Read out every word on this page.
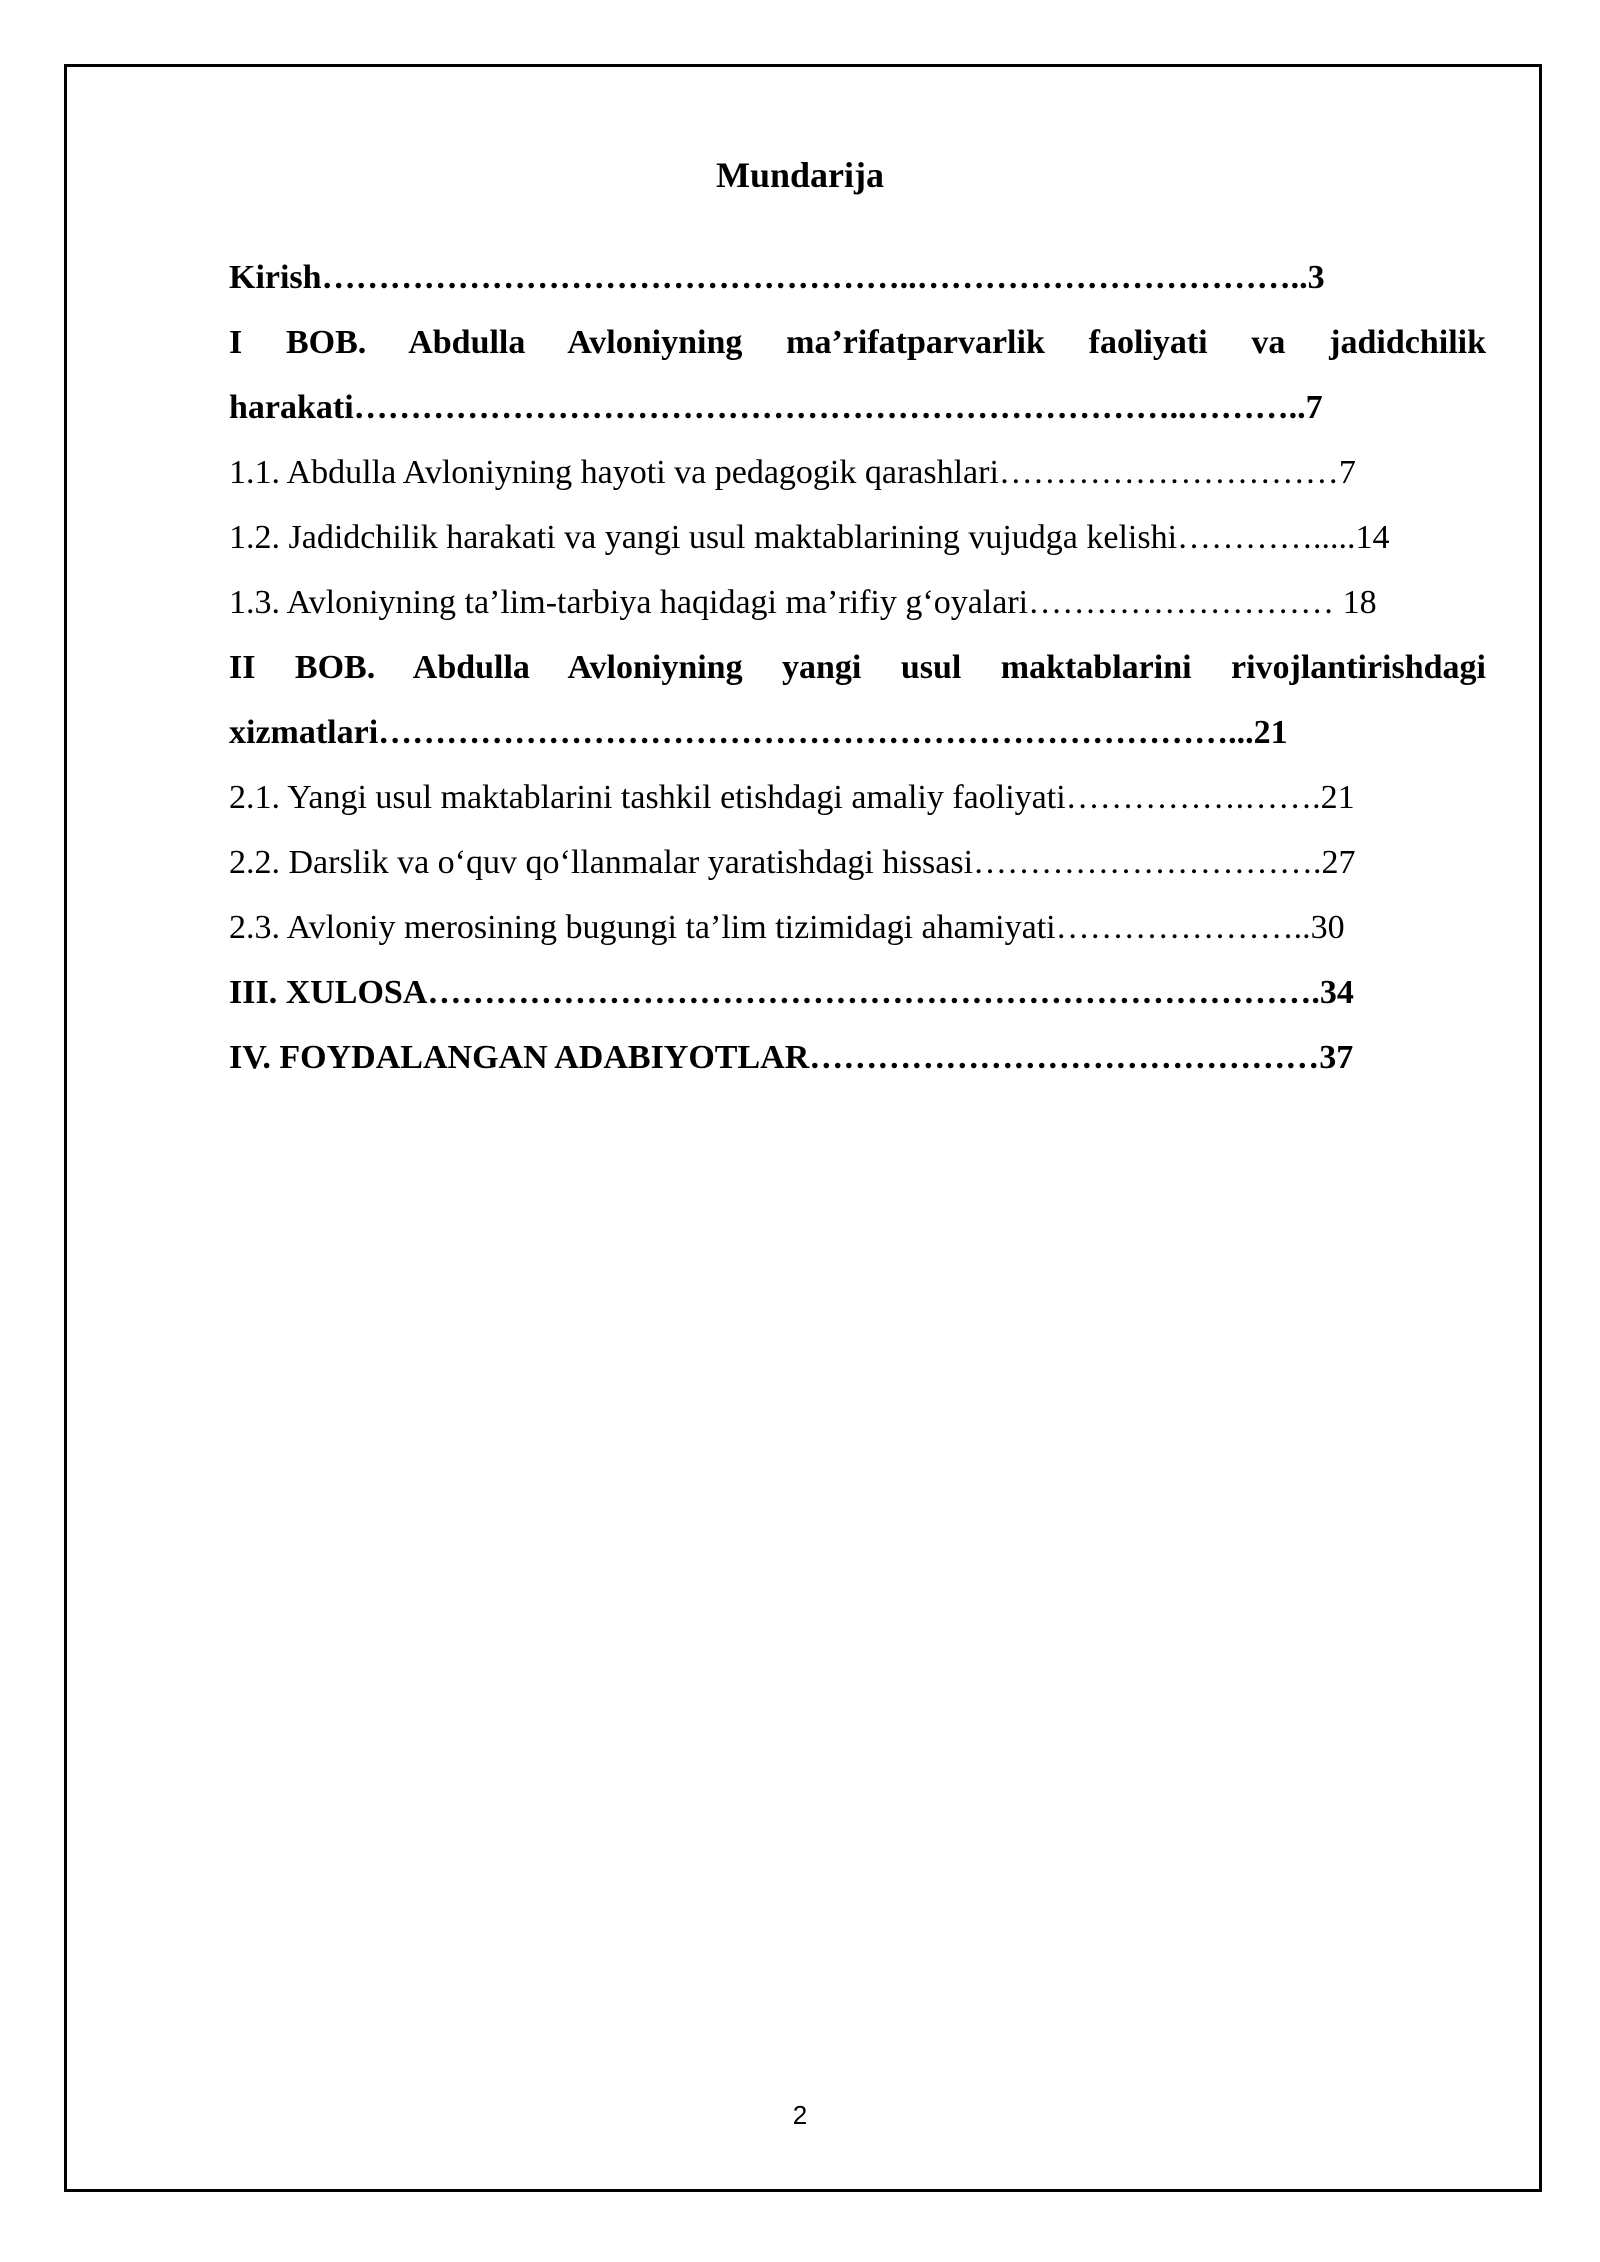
Mundarija

Kirish……………………………………………..……………………………..3

I BOB. Abdulla Avloniyning ma’rifatparvarlik faoliyati va jadidchilik harakati………………………………………………………………..………..7

1.1. Abdulla Avloniyning hayoti va pedagogik qarashlari…………………………7

1.2. Jadidchilik harakati va yangi usul maktablarining vujudga kelishi………….....14

1.3. Avloniyning ta’lim-tarbiya haqidagi ma’rifiy g‘oyalari……………………… 18

II BOB. Abdulla Avloniyning yangi usul maktablarini rivojlantirishdagi xizmatlari…………………………………………………………………...21

2.1. Yangi usul maktablarini tashkil etishdagi amaliy faoliyati…………….…….21

2.2. Darslik va o‘quv qo‘llanmalar yaratishdagi hissasi………………………….27

2.3. Avloniy merosining bugungi ta’lim tizimidagi ahamiyati…………………..30

III. XULOSA…………………………………………………………………….34

IV. FOYDALANGAN ADABIYOTLAR………………………………………37

2
